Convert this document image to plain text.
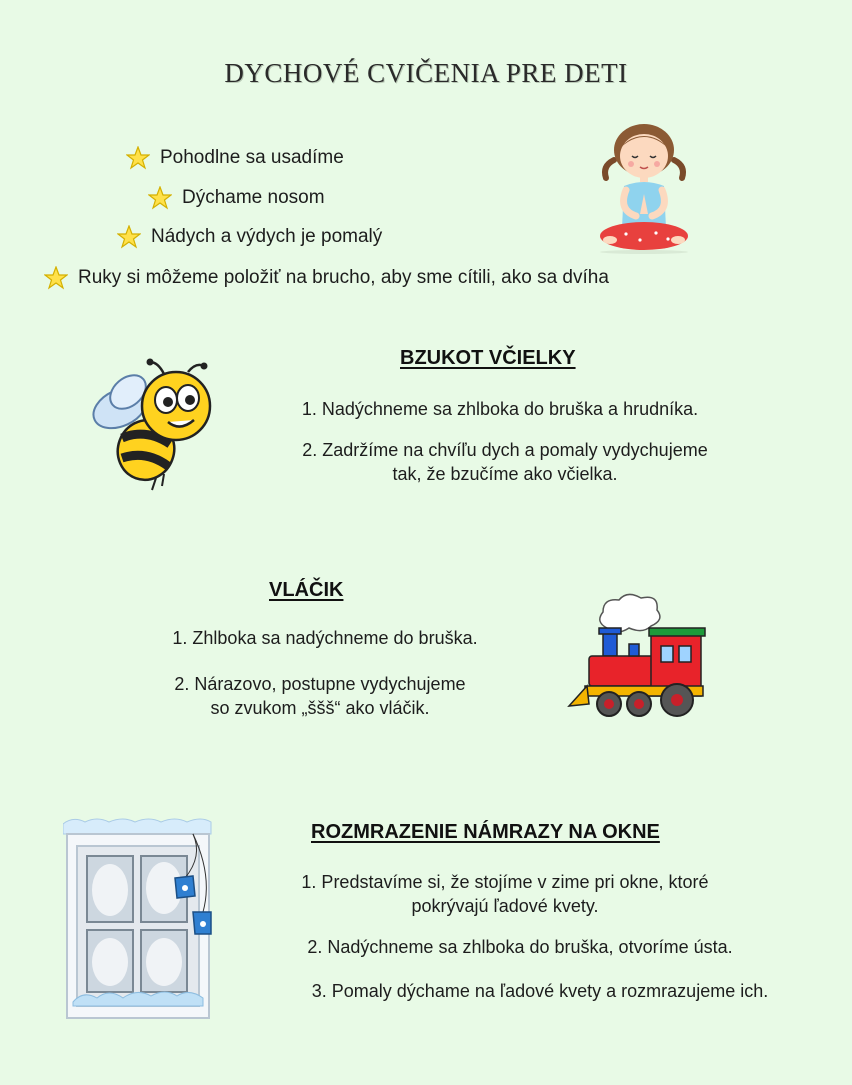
DYCHOVÉ CVIČENIA PRE DETI
Pohodlne sa usadíme
Dýchame nosom
Nádych a výdych je pomalý
Ruky si môžeme položiť na brucho, aby sme cítili, ako sa dvíha
BZUKOT VČIELKY
1. Nadýchneme sa zhlboka do bruška a hrudníka.
2. Zadržíme na chvíľu dych a pomaly vydychujeme
tak, že bzučíme ako včielka.
VLÁČIK
1. Zhlboka sa nadýchneme do bruška.
2. Nárazovo, postupne vydychujeme
so zvukom „ššš“ ako vláčik.
ROZMRAZENIE NÁMRAZY NA OKNE
1. Predstavíme si, že stojíme v zime pri okne, ktoré
pokrývajú ľadové kvety.
2. Nadýchneme sa zhlboka do bruška, otvoríme ústa.
3. Pomaly dýchame na ľadové kvety a rozmrazujeme ich.
